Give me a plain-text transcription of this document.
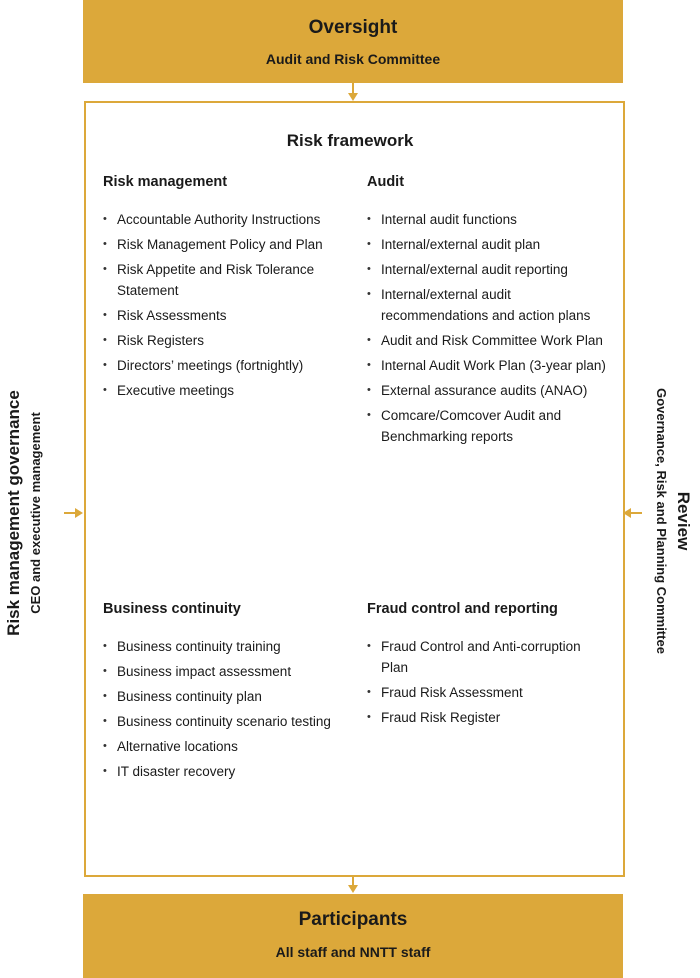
Oversight
Audit and Risk Committee
Risk framework
Risk management
• Accountable Authority Instructions
• Risk Management Policy and Plan
• Risk Appetite and Risk Tolerance Statement
• Risk Assessments
• Risk Registers
• Directors’ meetings (fortnightly)
• Executive meetings
Audit
• Internal audit functions
• Internal/external audit plan
• Internal/external audit reporting
• Internal/external audit recommendations and action plans
• Audit and Risk Committee Work Plan
• Internal Audit Work Plan (3-year plan)
• External assurance audits (ANAO)
• Comcare/Comcover Audit and Benchmarking reports
Business continuity
• Business continuity training
• Business impact assessment
• Business continuity plan
• Business continuity scenario testing
• Alternative locations
• IT disaster recovery
Fraud control and reporting
• Fraud Control and Anti-corruption Plan
• Fraud Risk Assessment
• Fraud Risk Register
Risk management governance CEO and executive management	Review
Governance, Risk and Planning Committee
Participants
All staff and NNTT staff
